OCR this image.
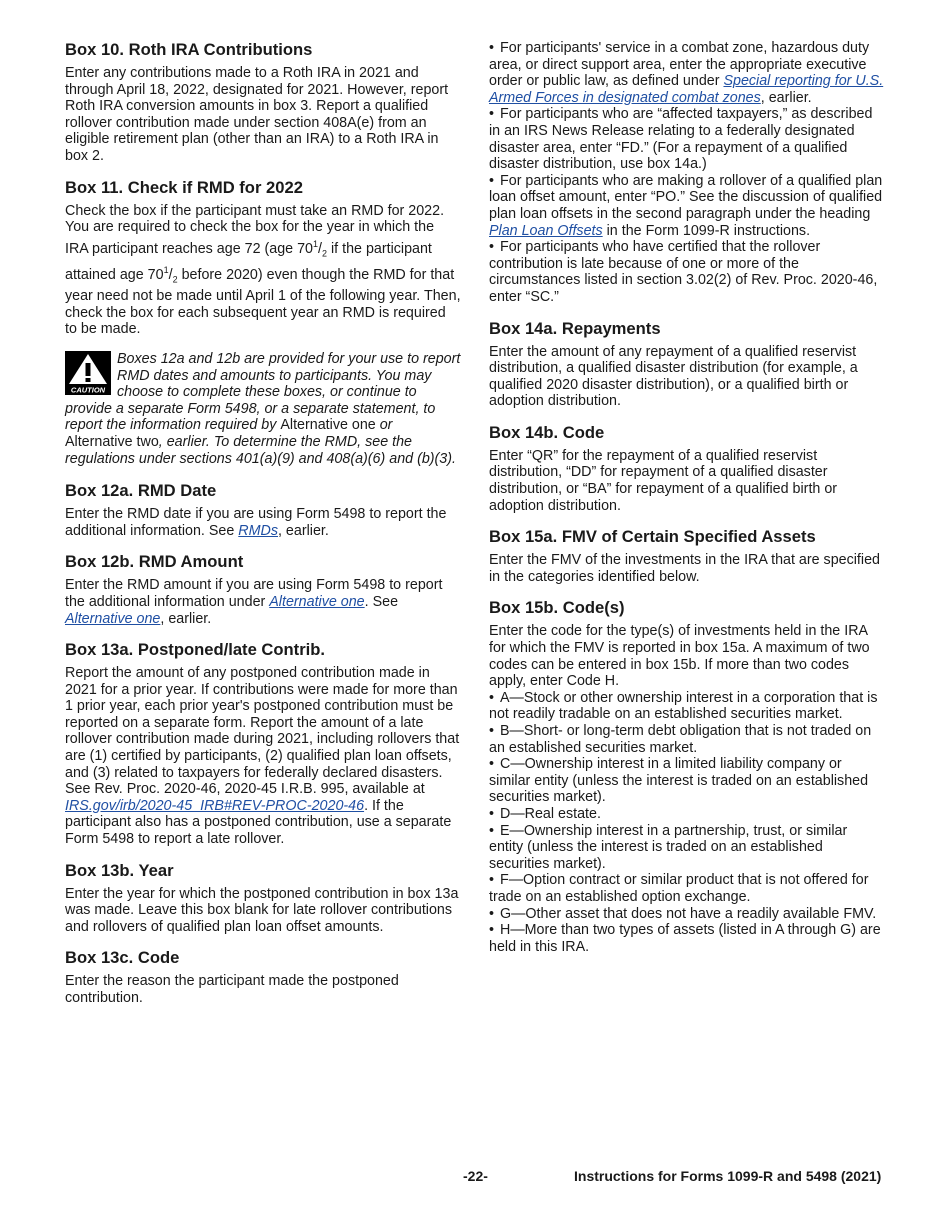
Box 10. Roth IRA Contributions

Enter any contributions made to a Roth IRA in 2021 and through April 18, 2022, designated for 2021. However, report Roth IRA conversion amounts in box 3. Report a qualified rollover contribution made under section 408A(e) from an eligible retirement plan (other than an IRA) to a Roth IRA in box 2.

Box 11. Check if RMD for 2022

Check the box if the participant must take an RMD for 2022. You are required to check the box for the year in which the IRA participant reaches age 72 (age $70^1/_2$ if the participant attained age $70^1/_2$ before 2020) even though the RMD for that year need not be made until April 1 of the following year. Then, check the box for each subsequent year an RMD is required to be made.

CAUTION
Boxes 12a and 12b are provided for your use to report RMD dates and amounts to participants. You may choose to complete these boxes, or continue to provide a separate Form 5498, or a separate statement, to report the information required by Alternative one or Alternative two, earlier. To determine the RMD, see the regulations under sections 401(a)(9) and 408(a)(6) and (b)(3).
Box 12a. RMD Date

Enter the RMD date if you are using Form 5498 to report the additional information. See RMDs, earlier.

Box 12b. RMD Amount

Enter the RMD amount if you are using Form 5498 to report the additional information under Alternative one. See Alternative one, earlier.

Box 13a. Postponed/late Contrib.

Report the amount of any postponed contribution made in 2021 for a prior year. If contributions were made for more than 1 prior year, each prior year's postponed contribution must be reported on a separate form. Report the amount of a late rollover contribution made during 2021, including rollovers that are (1) certified by participants, (2) qualified plan loan offsets, and (3) related to taxpayers for federally declared disasters. See Rev. Proc. 2020-46, 2020-45 I.R.B. 995, available at IRS.gov/irb/2020-45_IRB#REV-PROC-2020-46. If the participant also has a postponed contribution, use a separate Form 5498 to report a late rollover.

Box 13b. Year

Enter the year for which the postponed contribution in box 13a was made. Leave this box blank for late rollover contributions and rollovers of qualified plan loan offset amounts.

Box 13c. Code

Enter the reason the participant made the postponed contribution.

• For participants' service in a combat zone, hazardous duty area, or direct support area, enter the appropriate executive order or public law, as defined under Special reporting for U.S. Armed Forces in designated combat zones, earlier.

• For participants who are “affected taxpayers,” as described in an IRS News Release relating to a federally designated disaster area, enter “FD.” (For a repayment of a qualified disaster distribution, use box 14a.)

• For participants who are making a rollover of a qualified plan loan offset amount, enter “PO.” See the discussion of qualified plan loan offsets in the second paragraph under the heading Plan Loan Offsets in the Form 1099-R instructions.

• For participants who have certified that the rollover contribution is late because of one or more of the circumstances listed in section 3.02(2) of Rev. Proc. 2020-46, enter “SC.”

Box 14a. Repayments

Enter the amount of any repayment of a qualified reservist distribution, a qualified disaster distribution (for example, a qualified 2020 disaster distribution), or a qualified birth or adoption distribution.

Box 14b. Code

Enter “QR” for the repayment of a qualified reservist distribution, “DD” for repayment of a qualified disaster distribution, or “BA” for repayment of a qualified birth or adoption distribution.

Box 15a. FMV of Certain Specified Assets

Enter the FMV of the investments in the IRA that are specified in the categories identified below.

Box 15b. Code(s)

Enter the code for the type(s) of investments held in the IRA for which the FMV is reported in box 15a. A maximum of two codes can be entered in box 15b. If more than two codes apply, enter Code H.

• A—Stock or other ownership interest in a corporation that is not readily tradable on an established securities market.

• B—Short- or long-term debt obligation that is not traded on an established securities market.

• C—Ownership interest in a limited liability company or similar entity (unless the interest is traded on an established securities market).

• D—Real estate.

• E—Ownership interest in a partnership, trust, or similar entity (unless the interest is traded on an established securities market).

• F—Option contract or similar product that is not offered for trade on an established option exchange.

• G—Other asset that does not have a readily available FMV.

• H—More than two types of assets (listed in A through G) are held in this IRA.

-22-	Instructions for Forms 1099-R and 5498 (2021)
